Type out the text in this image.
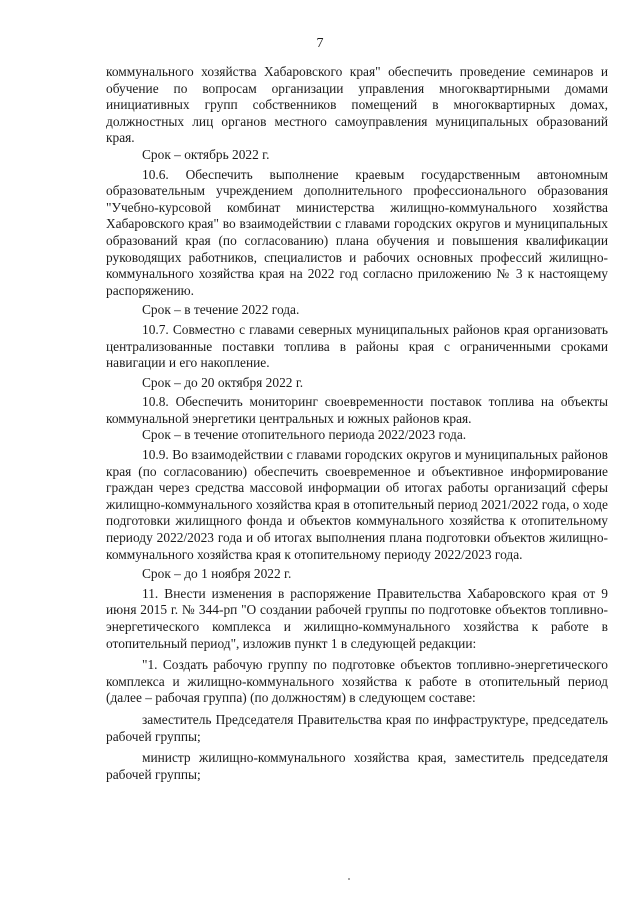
7

коммунального хозяйства Хабаровского края" обеспечить проведение семинаров и обучение по вопросам организации управления многоквартирными домами инициативных групп собственников помещений в многоквартирных домах, должностных лиц органов местного самоуправления муниципальных образований края.

Срок – октябрь 2022 г.

10.6. Обеспечить выполнение краевым государственным автономным образовательным учреждением дополнительного профессионального образования "Учебно-курсовой комбинат министерства жилищно-коммунального хозяйства Хабаровского края" во взаимодействии с главами городских округов и муниципальных образований края (по согласованию) плана обучения и повышения квалификации руководящих работников, специалистов и рабочих основных профессий жилищно-коммунального хозяйства края на 2022 год согласно приложению № 3 к настоящему распоряжению.

Срок – в течение 2022 года.

10.7. Совместно с главами северных муниципальных районов края организовать централизованные поставки топлива в районы края с ограниченными сроками навигации и его накопление.

Срок – до 20 октября 2022 г.

10.8. Обеспечить мониторинг своевременности поставок топлива на объекты коммунальной энергетики центральных и южных районов края.

Срок – в течение отопительного периода 2022/2023 года.

10.9. Во взаимодействии с главами городских округов и муниципальных районов края (по согласованию) обеспечить своевременное и объективное информирование граждан через средства массовой информации об итогах работы организаций сферы жилищно-коммунального хозяйства края в отопительный период 2021/2022 года, о ходе подготовки жилищного фонда и объектов коммунального хозяйства к отопительному периоду 2022/2023 года и об итогах выполнения плана подготовки объектов жилищно-коммунального хозяйства края к отопительному периоду 2022/2023 года.

Срок – до 1 ноября 2022 г.

11. Внести изменения в распоряжение Правительства Хабаровского края от 9 июня 2015 г. № 344-рп "О создании рабочей группы по подготовке объектов топливно-энергетического комплекса и жилищно-коммунального хозяйства к работе в отопительный период", изложив пункт 1 в следующей редакции:

"1. Создать рабочую группу по подготовке объектов топливно-энергетического комплекса и жилищно-коммунального хозяйства к работе в отопительный период (далее – рабочая группа) (по должностям) в следующем составе:

заместитель Председателя Правительства края по инфраструктуре, председатель рабочей группы;

министр жилищно-коммунального хозяйства края, заместитель председателя рабочей группы;
